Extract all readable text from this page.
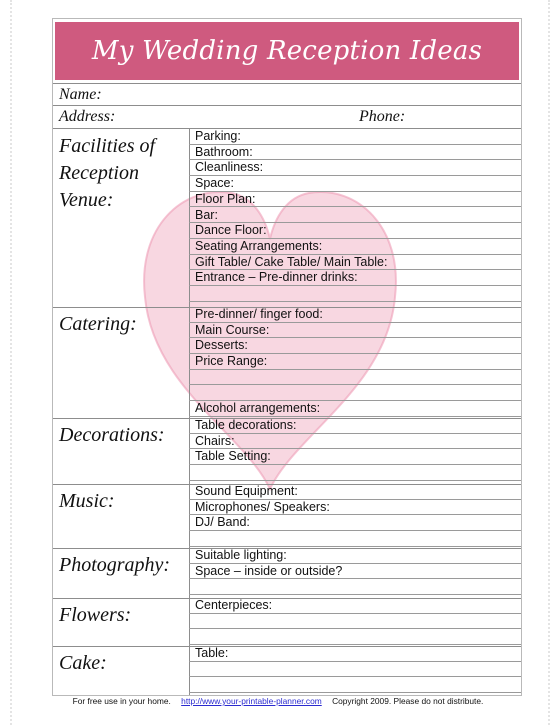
My Wedding Reception Ideas
Name:
Address:	Phone:
Facilities of Reception Venue:
Parking:
Bathroom:
Cleanliness:
Space:
Floor Plan:
Bar:
Dance Floor:
Seating Arrangements:
Gift Table/ Cake Table/ Main Table:
Entrance – Pre-dinner drinks:
Catering:	Pre-dinner/ finger food:
Main Course:
Desserts:
Price Range:
Alcohol arrangements:
Decorations:	Table decorations:
Chairs:
Table Setting:
Music:	Sound Equipment:
Microphones/ Speakers:
DJ/ Band:
Photography:	Suitable lighting:
Space – inside or outside?
Flowers:	Centerpieces:
Cake:	Table:
For free use in your home. http://www.your-printable-planner.com Copyright 2009. Please do not distribute.
